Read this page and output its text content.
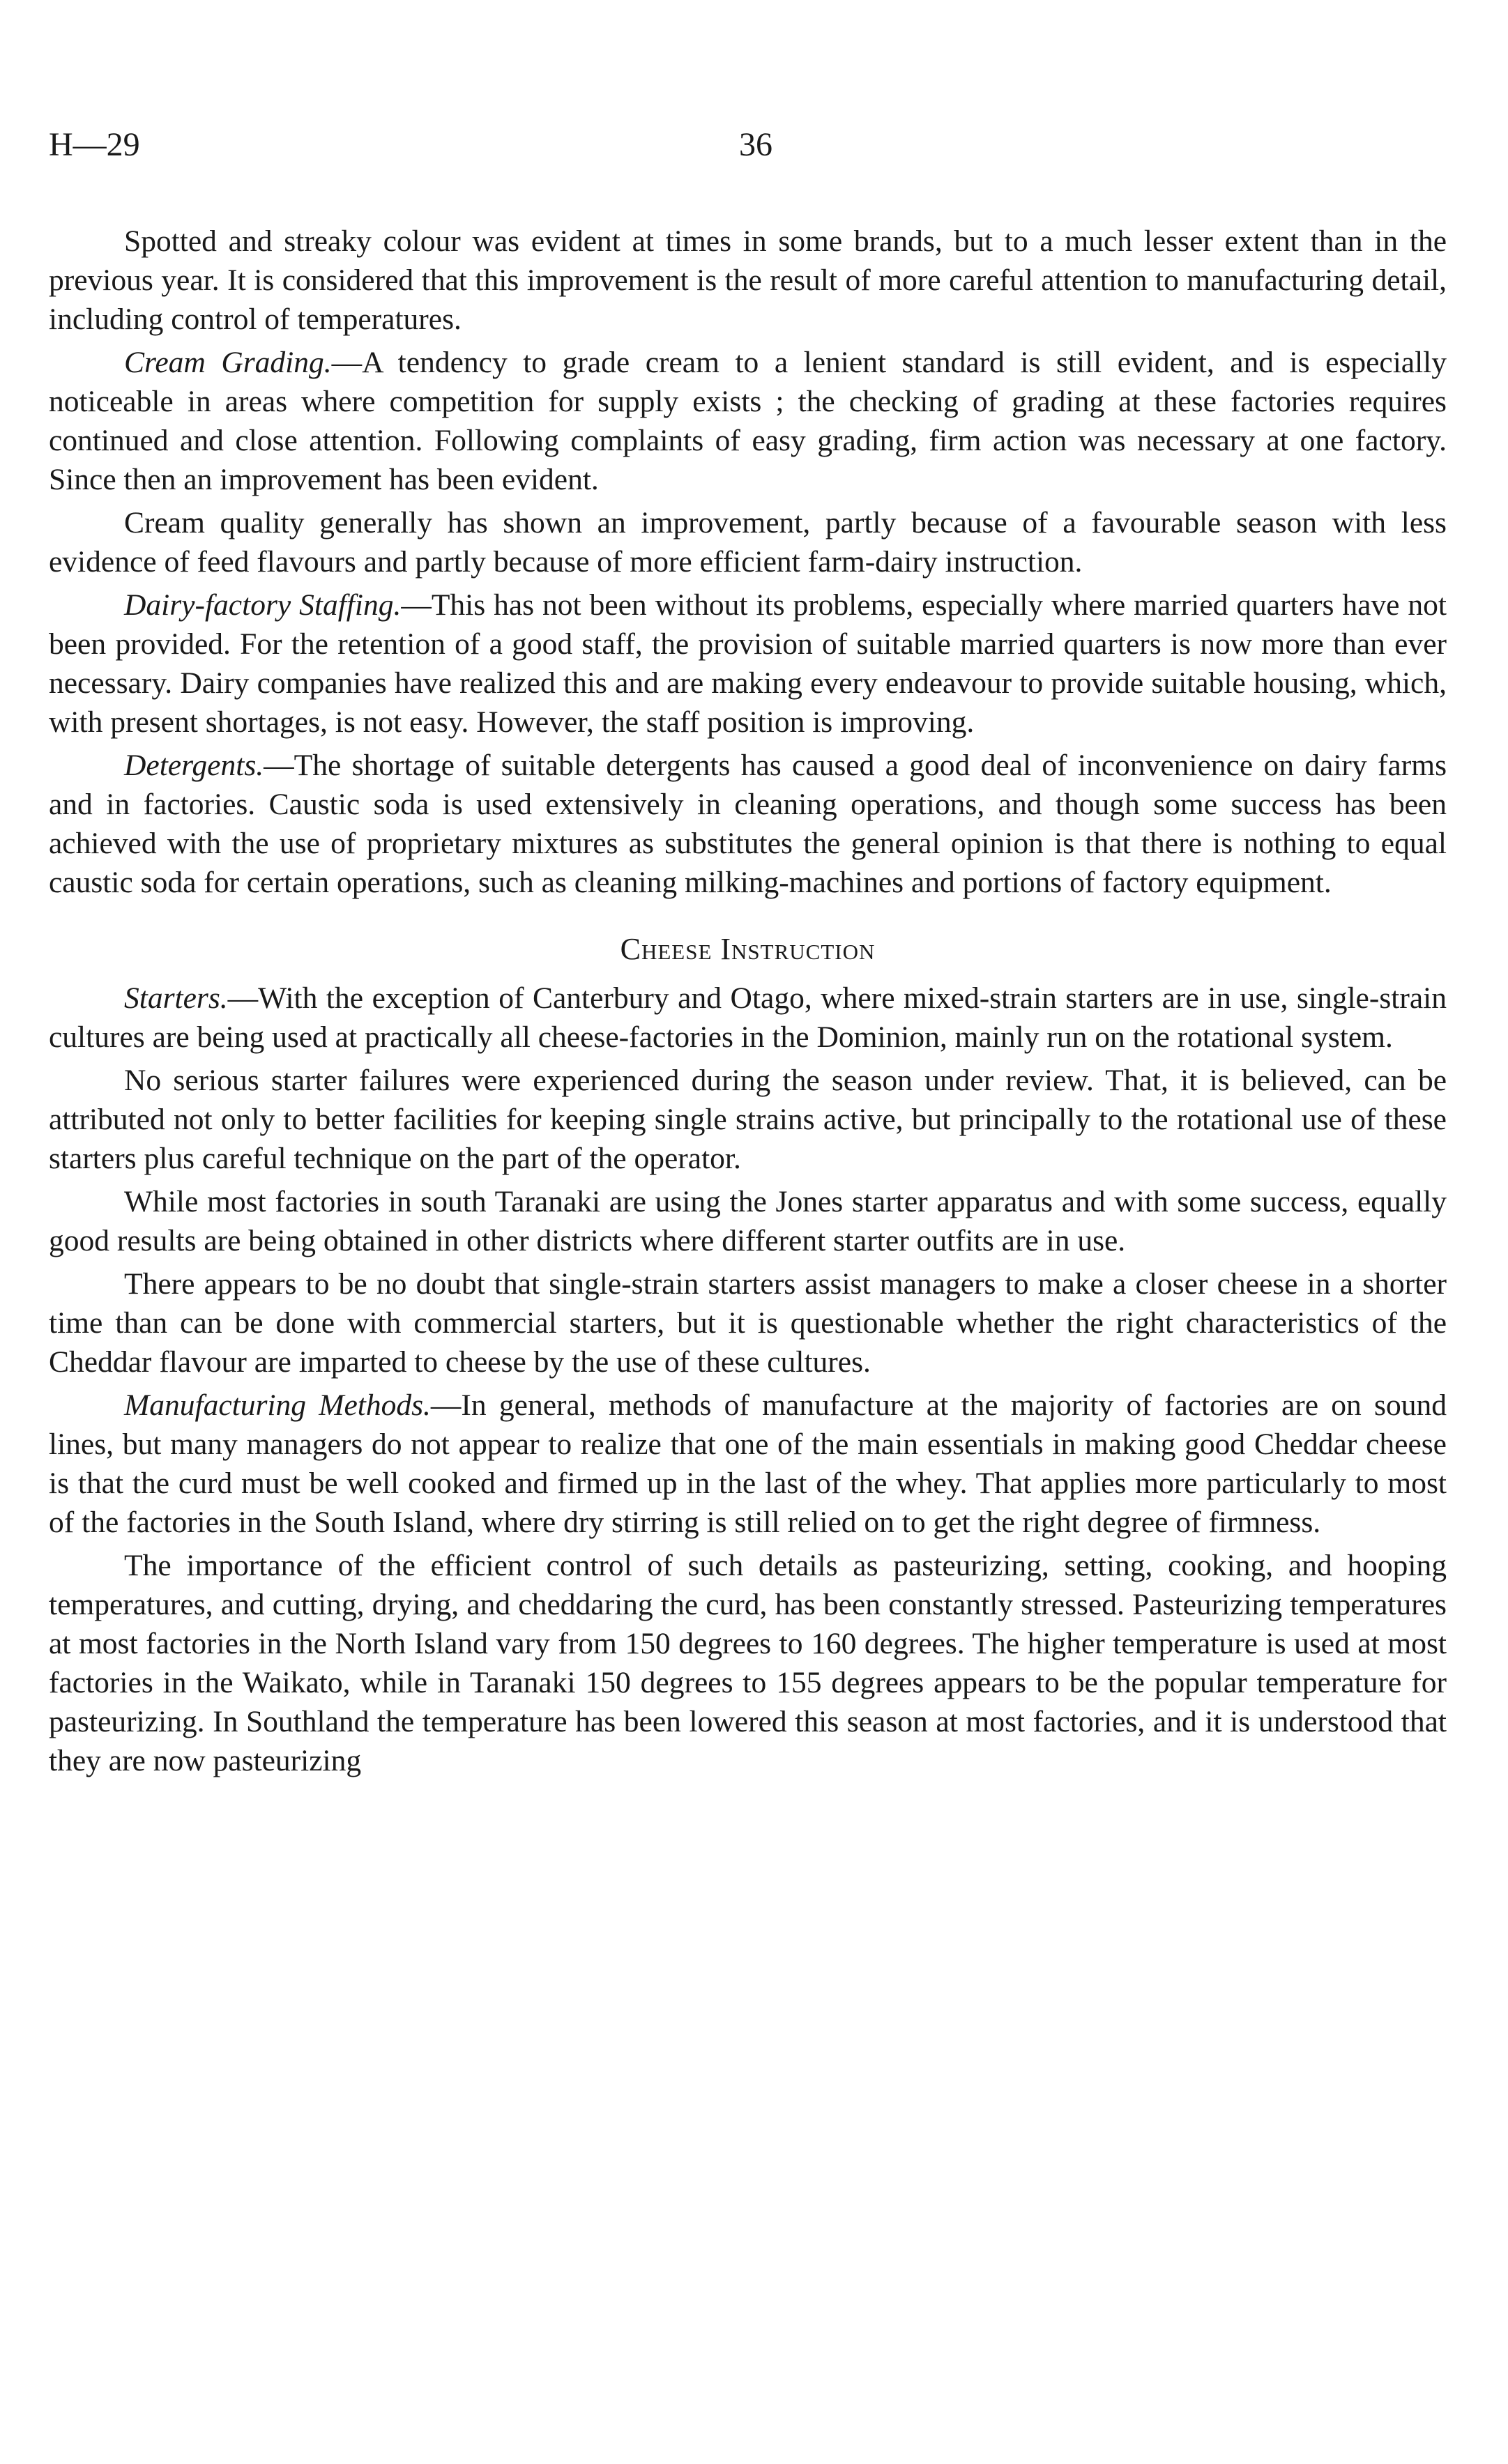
H—29	36

Spotted and streaky colour was evident at times in some brands, but to a much lesser extent than in the previous year. It is considered that this improvement is the result of more careful attention to manufacturing detail, including control of temperatures.

Cream Grading.—A tendency to grade cream to a lenient standard is still evident, and is especially noticeable in areas where competition for supply exists ; the checking of grading at these factories requires continued and close attention. Following complaints of easy grading, firm action was necessary at one factory. Since then an improvement has been evident.

Cream quality generally has shown an improvement, partly because of a favourable season with less evidence of feed flavours and partly because of more efficient farm-dairy instruction.

Dairy-factory Staffing.—This has not been without its problems, especially where married quarters have not been provided. For the retention of a good staff, the provision of suitable married quarters is now more than ever necessary. Dairy companies have realized this and are making every endeavour to provide suitable housing, which, with present shortages, is not easy. However, the staff position is improving.

Detergents.—The shortage of suitable detergents has caused a good deal of inconvenience on dairy farms and in factories. Caustic soda is used extensively in cleaning operations, and though some success has been achieved with the use of proprietary mixtures as substitutes the general opinion is that there is nothing to equal caustic soda for certain operations, such as cleaning milking-machines and portions of factory equipment.

Cheese Instruction

Starters.—With the exception of Canterbury and Otago, where mixed-strain starters are in use, single-strain cultures are being used at practically all cheese-factories in the Dominion, mainly run on the rotational system.

No serious starter failures were experienced during the season under review. That, it is believed, can be attributed not only to better facilities for keeping single strains active, but principally to the rotational use of these starters plus careful technique on the part of the operator.

While most factories in south Taranaki are using the Jones starter apparatus and with some success, equally good results are being obtained in other districts where different starter outfits are in use.

There appears to be no doubt that single-strain starters assist managers to make a closer cheese in a shorter time than can be done with commercial starters, but it is questionable whether the right characteristics of the Cheddar flavour are imparted to cheese by the use of these cultures.

Manufacturing Methods.—In general, methods of manufacture at the majority of factories are on sound lines, but many managers do not appear to realize that one of the main essentials in making good Cheddar cheese is that the curd must be well cooked and firmed up in the last of the whey. That applies more particularly to most of the factories in the South Island, where dry stirring is still relied on to get the right degree of firmness.

The importance of the efficient control of such details as pasteurizing, setting, cooking, and hooping temperatures, and cutting, drying, and cheddaring the curd, has been constantly stressed. Pasteurizing temperatures at most factories in the North Island vary from 150 degrees to 160 degrees. The higher temperature is used at most factories in the Waikato, while in Taranaki 150 degrees to 155 degrees appears to be the popular temperature for pasteurizing. In Southland the temperature has been lowered this season at most factories, and it is understood that they are now pasteurizing
